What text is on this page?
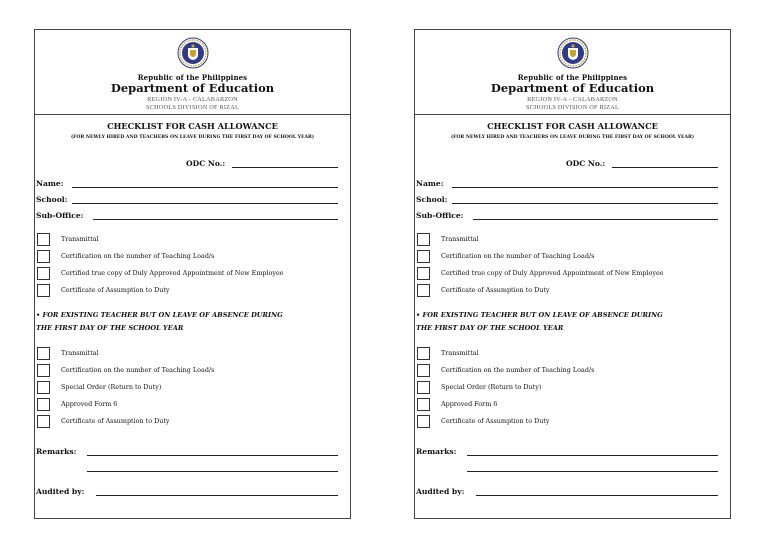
Republic of the Philippines
Department of Education
REGION IV-A - CALABARZON
SCHOOLS DIVISION OF RIZAL
CHECKLIST FOR CASH ALLOWANCE
(FOR NEWLY HIRED AND TEACHERS ON LEAVE DURING THE FIRST DAY OF SCHOOL YEAR)
ODC No.:
Name:
School:
Sub-Office:
Transmittal
Certification on the number of Teaching Load/s
Certified true copy of Duly Approved Appointment of New Employee
Certificate of Assumption to Duty
• FOR EXISTING TEACHER BUT ON LEAVE OF ABSENCE DURING
THE FIRST DAY OF THE SCHOOL YEAR
Transmittal
Certification on the number of Teaching Load/s
Special Order (Return to Duty)
Approved Form 6
Certificate of Assumption to Duty
Remarks:
Audited by:
Republic of the Philippines
Department of Education
REGION IV-A - CALABARZON
SCHOOLS DIVISION OF RIZAL
CHECKLIST FOR CASH ALLOWANCE
(FOR NEWLY HIRED AND TEACHERS ON LEAVE DURING THE FIRST DAY OF SCHOOL YEAR)
ODC No.:
Name:
School:
Sub-Office:
Transmittal
Certification on the number of Teaching Load/s
Certified true copy of Duly Approved Appointment of New Employee
Certificate of Assumption to Duty
• FOR EXISTING TEACHER BUT ON LEAVE OF ABSENCE DURING
THE FIRST DAY OF THE SCHOOL YEAR
Transmittal
Certification on the number of Teaching Load/s
Special Order (Return to Duty)
Approved Form 6
Certificate of Assumption to Duty
Remarks:
Audited by:
